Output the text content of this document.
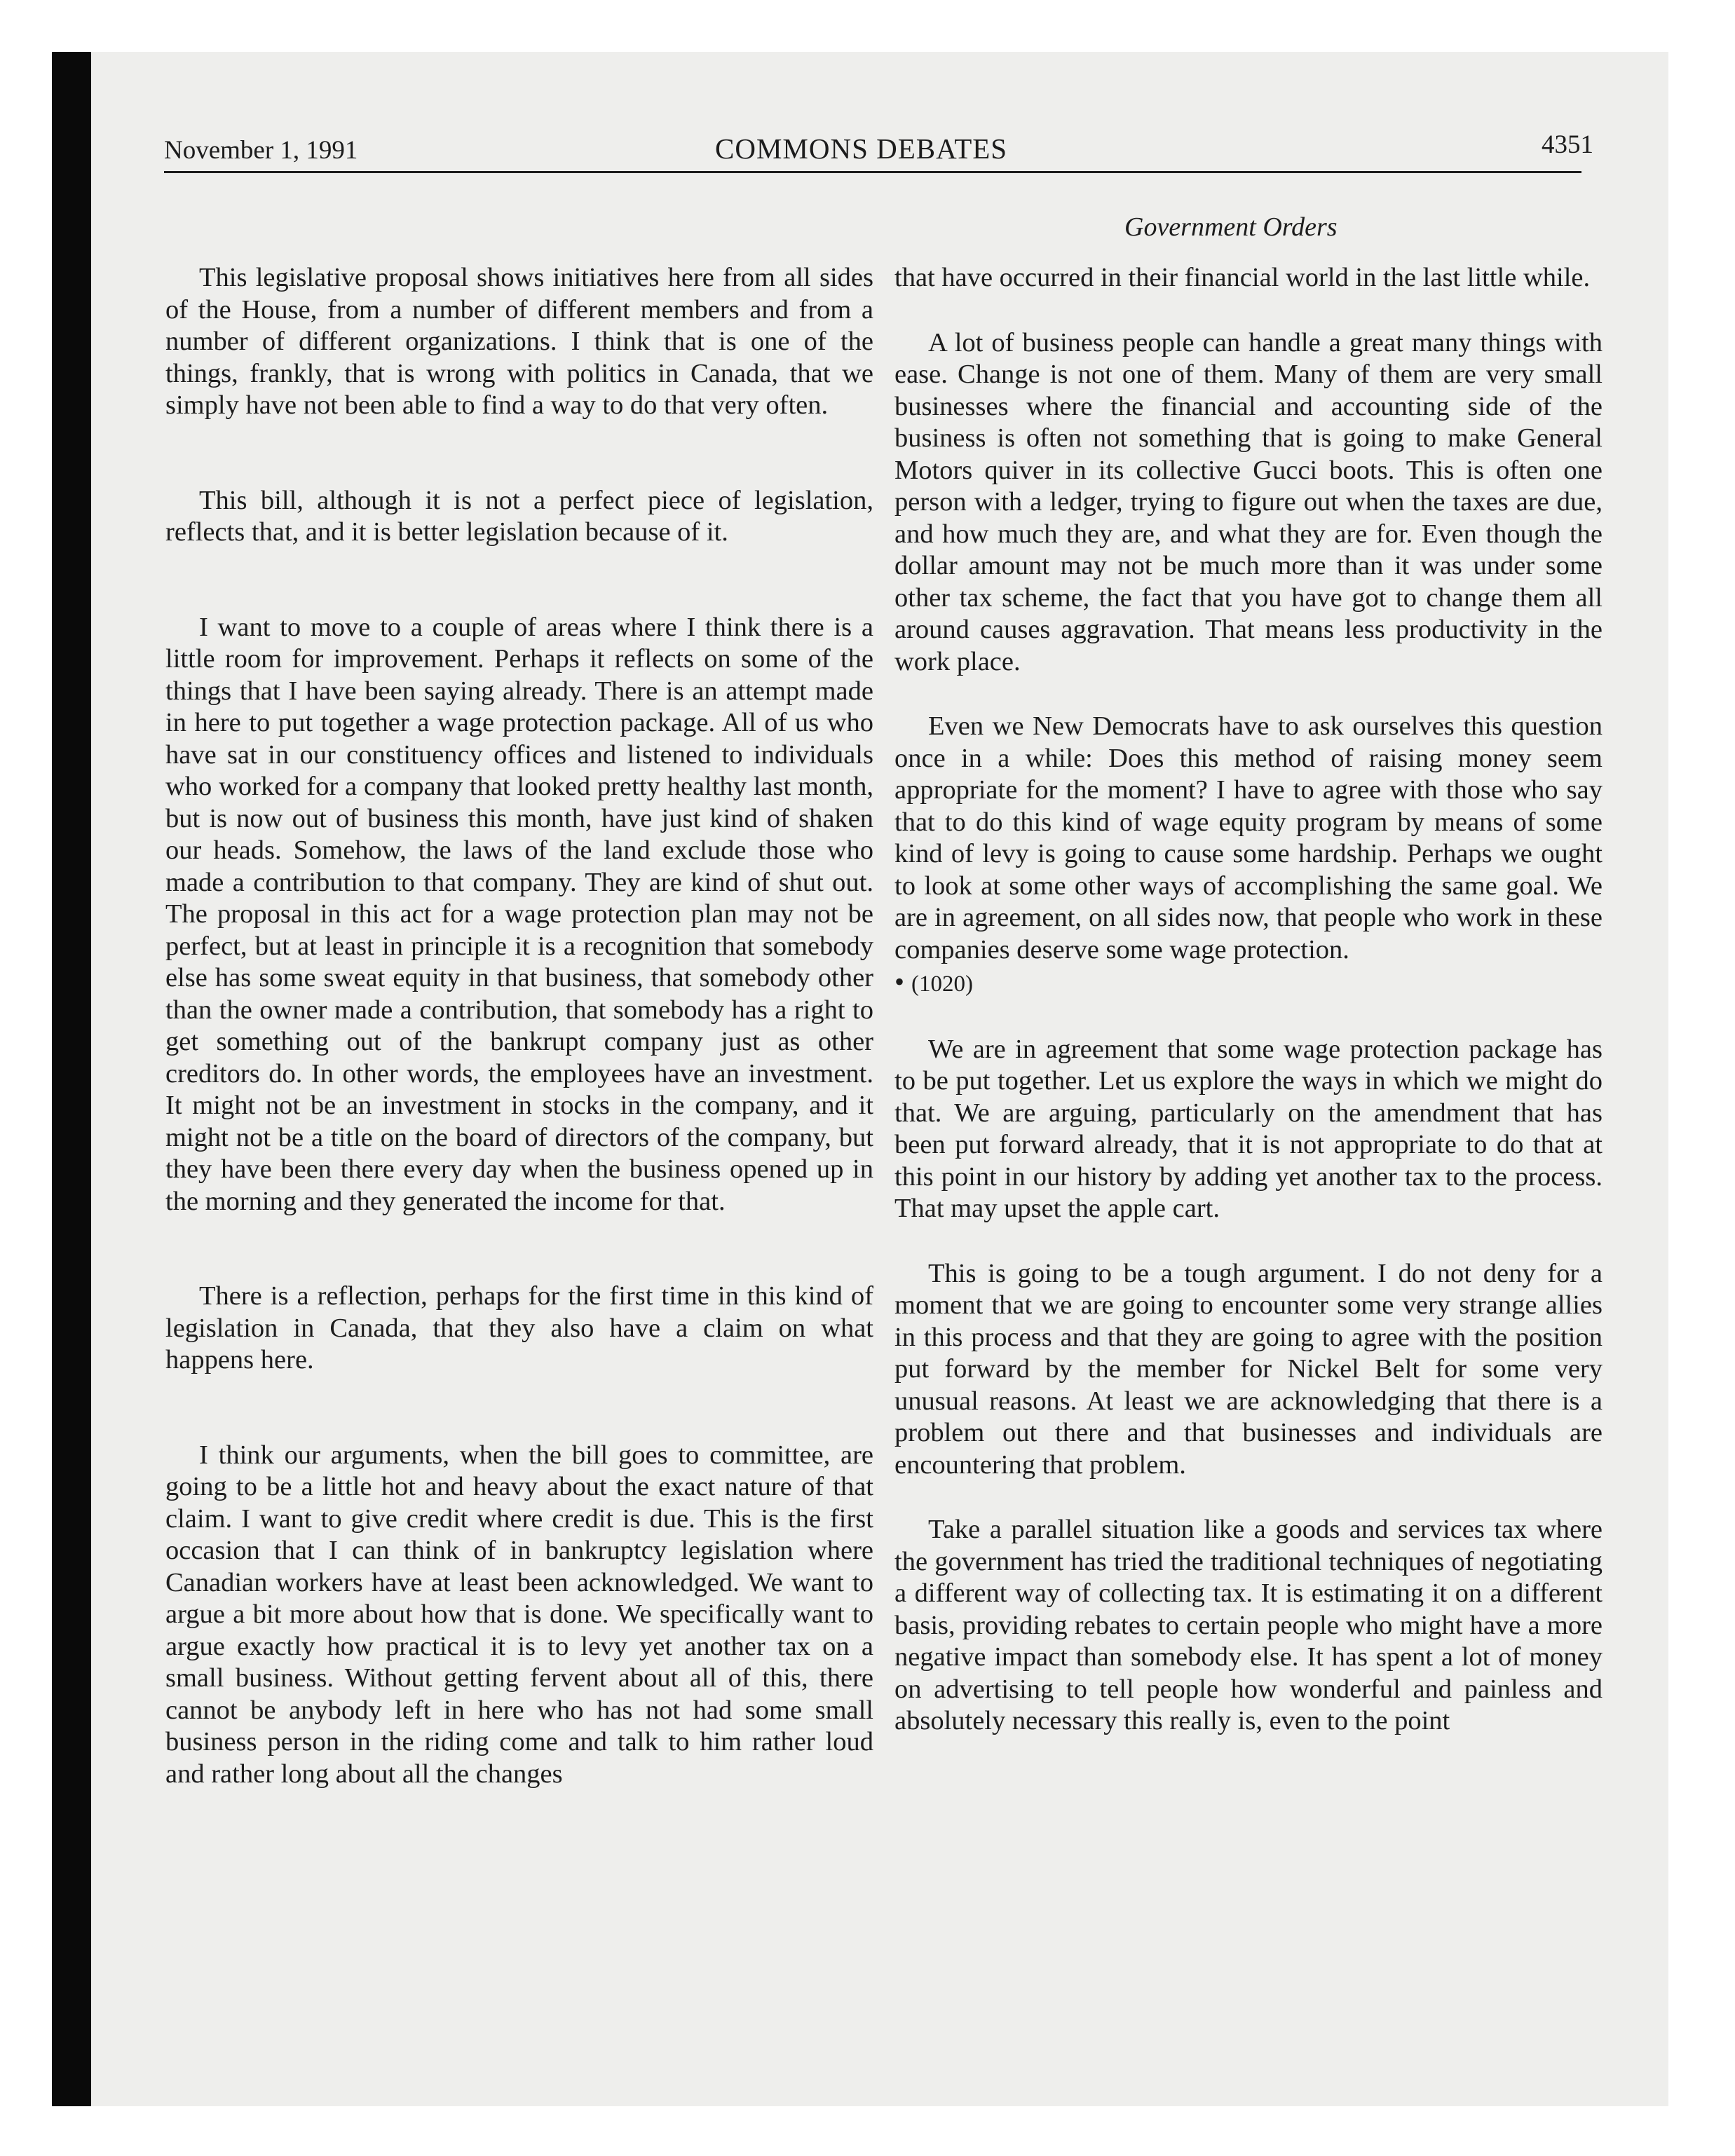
November 1, 1991	COMMONS DEBATES	4351
Government Orders

This legislative proposal shows initiatives here from all sides of the House, from a number of different members and from a number of different organizations. I think that is one of the things, frankly, that is wrong with politics in Canada, that we simply have not been able to find a way to do that very often.

This bill, although it is not a perfect piece of legislation, reflects that, and it is better legislation because of it.

I want to move to a couple of areas where I think there is a little room for improvement. Perhaps it reflects on some of the things that I have been saying already. There is an attempt made in here to put together a wage protection package. All of us who have sat in our constituency offices and listened to individuals who worked for a company that looked pretty healthy last month, but is now out of business this month, have just kind of shaken our heads. Somehow, the laws of the land exclude those who made a contribution to that company. They are kind of shut out. The proposal in this act for a wage protection plan may not be perfect, but at least in principle it is a recognition that somebody else has some sweat equity in that business, that somebody other than the owner made a contribution, that somebody has a right to get something out of the bankrupt company just as other creditors do. In other words, the employees have an investment. It might not be an investment in stocks in the company, and it might not be a title on the board of directors of the company, but they have been there every day when the business opened up in the morning and they generated the income for that.

There is a reflection, perhaps for the first time in this kind of legislation in Canada, that they also have a claim on what happens here.

I think our arguments, when the bill goes to committee, are going to be a little hot and heavy about the exact nature of that claim. I want to give credit where credit is due. This is the first occasion that I can think of in bankruptcy legislation where Canadian workers have at least been acknowledged. We want to argue a bit more about how that is done. We specifically want to argue exactly how practical it is to levy yet another tax on a small business. Without getting fervent about all of this, there cannot be anybody left in here who has not had some small business person in the riding come and talk to him rather loud and rather long about all the changes

that have occurred in their financial world in the last little while.

A lot of business people can handle a great many things with ease. Change is not one of them. Many of them are very small businesses where the financial and accounting side of the business is often not something that is going to make General Motors quiver in its collective Gucci boots. This is often one person with a ledger, trying to figure out when the taxes are due, and how much they are, and what they are for. Even though the dollar amount may not be much more than it was under some other tax scheme, the fact that you have got to change them all around causes aggravation. That means less productivity in the work place.

Even we New Democrats have to ask ourselves this question once in a while: Does this method of raising money seem appropriate for the moment? I have to agree with those who say that to do this kind of wage equity program by means of some kind of levy is going to cause some hardship. Perhaps we ought to look at some other ways of accomplishing the same goal. We are in agreement, on all sides now, that people who work in these companies deserve some wage protection.

• (1020)

We are in agreement that some wage protection package has to be put together. Let us explore the ways in which we might do that. We are arguing, particularly on the amendment that has been put forward already, that it is not appropriate to do that at this point in our history by adding yet another tax to the process. That may upset the apple cart.

This is going to be a tough argument. I do not deny for a moment that we are going to encounter some very strange allies in this process and that they are going to agree with the position put forward by the member for Nickel Belt for some very unusual reasons. At least we are acknowledging that there is a problem out there and that businesses and individuals are encountering that problem.

Take a parallel situation like a goods and services tax where the government has tried the traditional techniques of negotiating a different way of collecting tax. It is estimating it on a different basis, providing rebates to certain people who might have a more negative impact than somebody else. It has spent a lot of money on advertising to tell people how wonderful and painless and absolutely necessary this really is, even to the point
